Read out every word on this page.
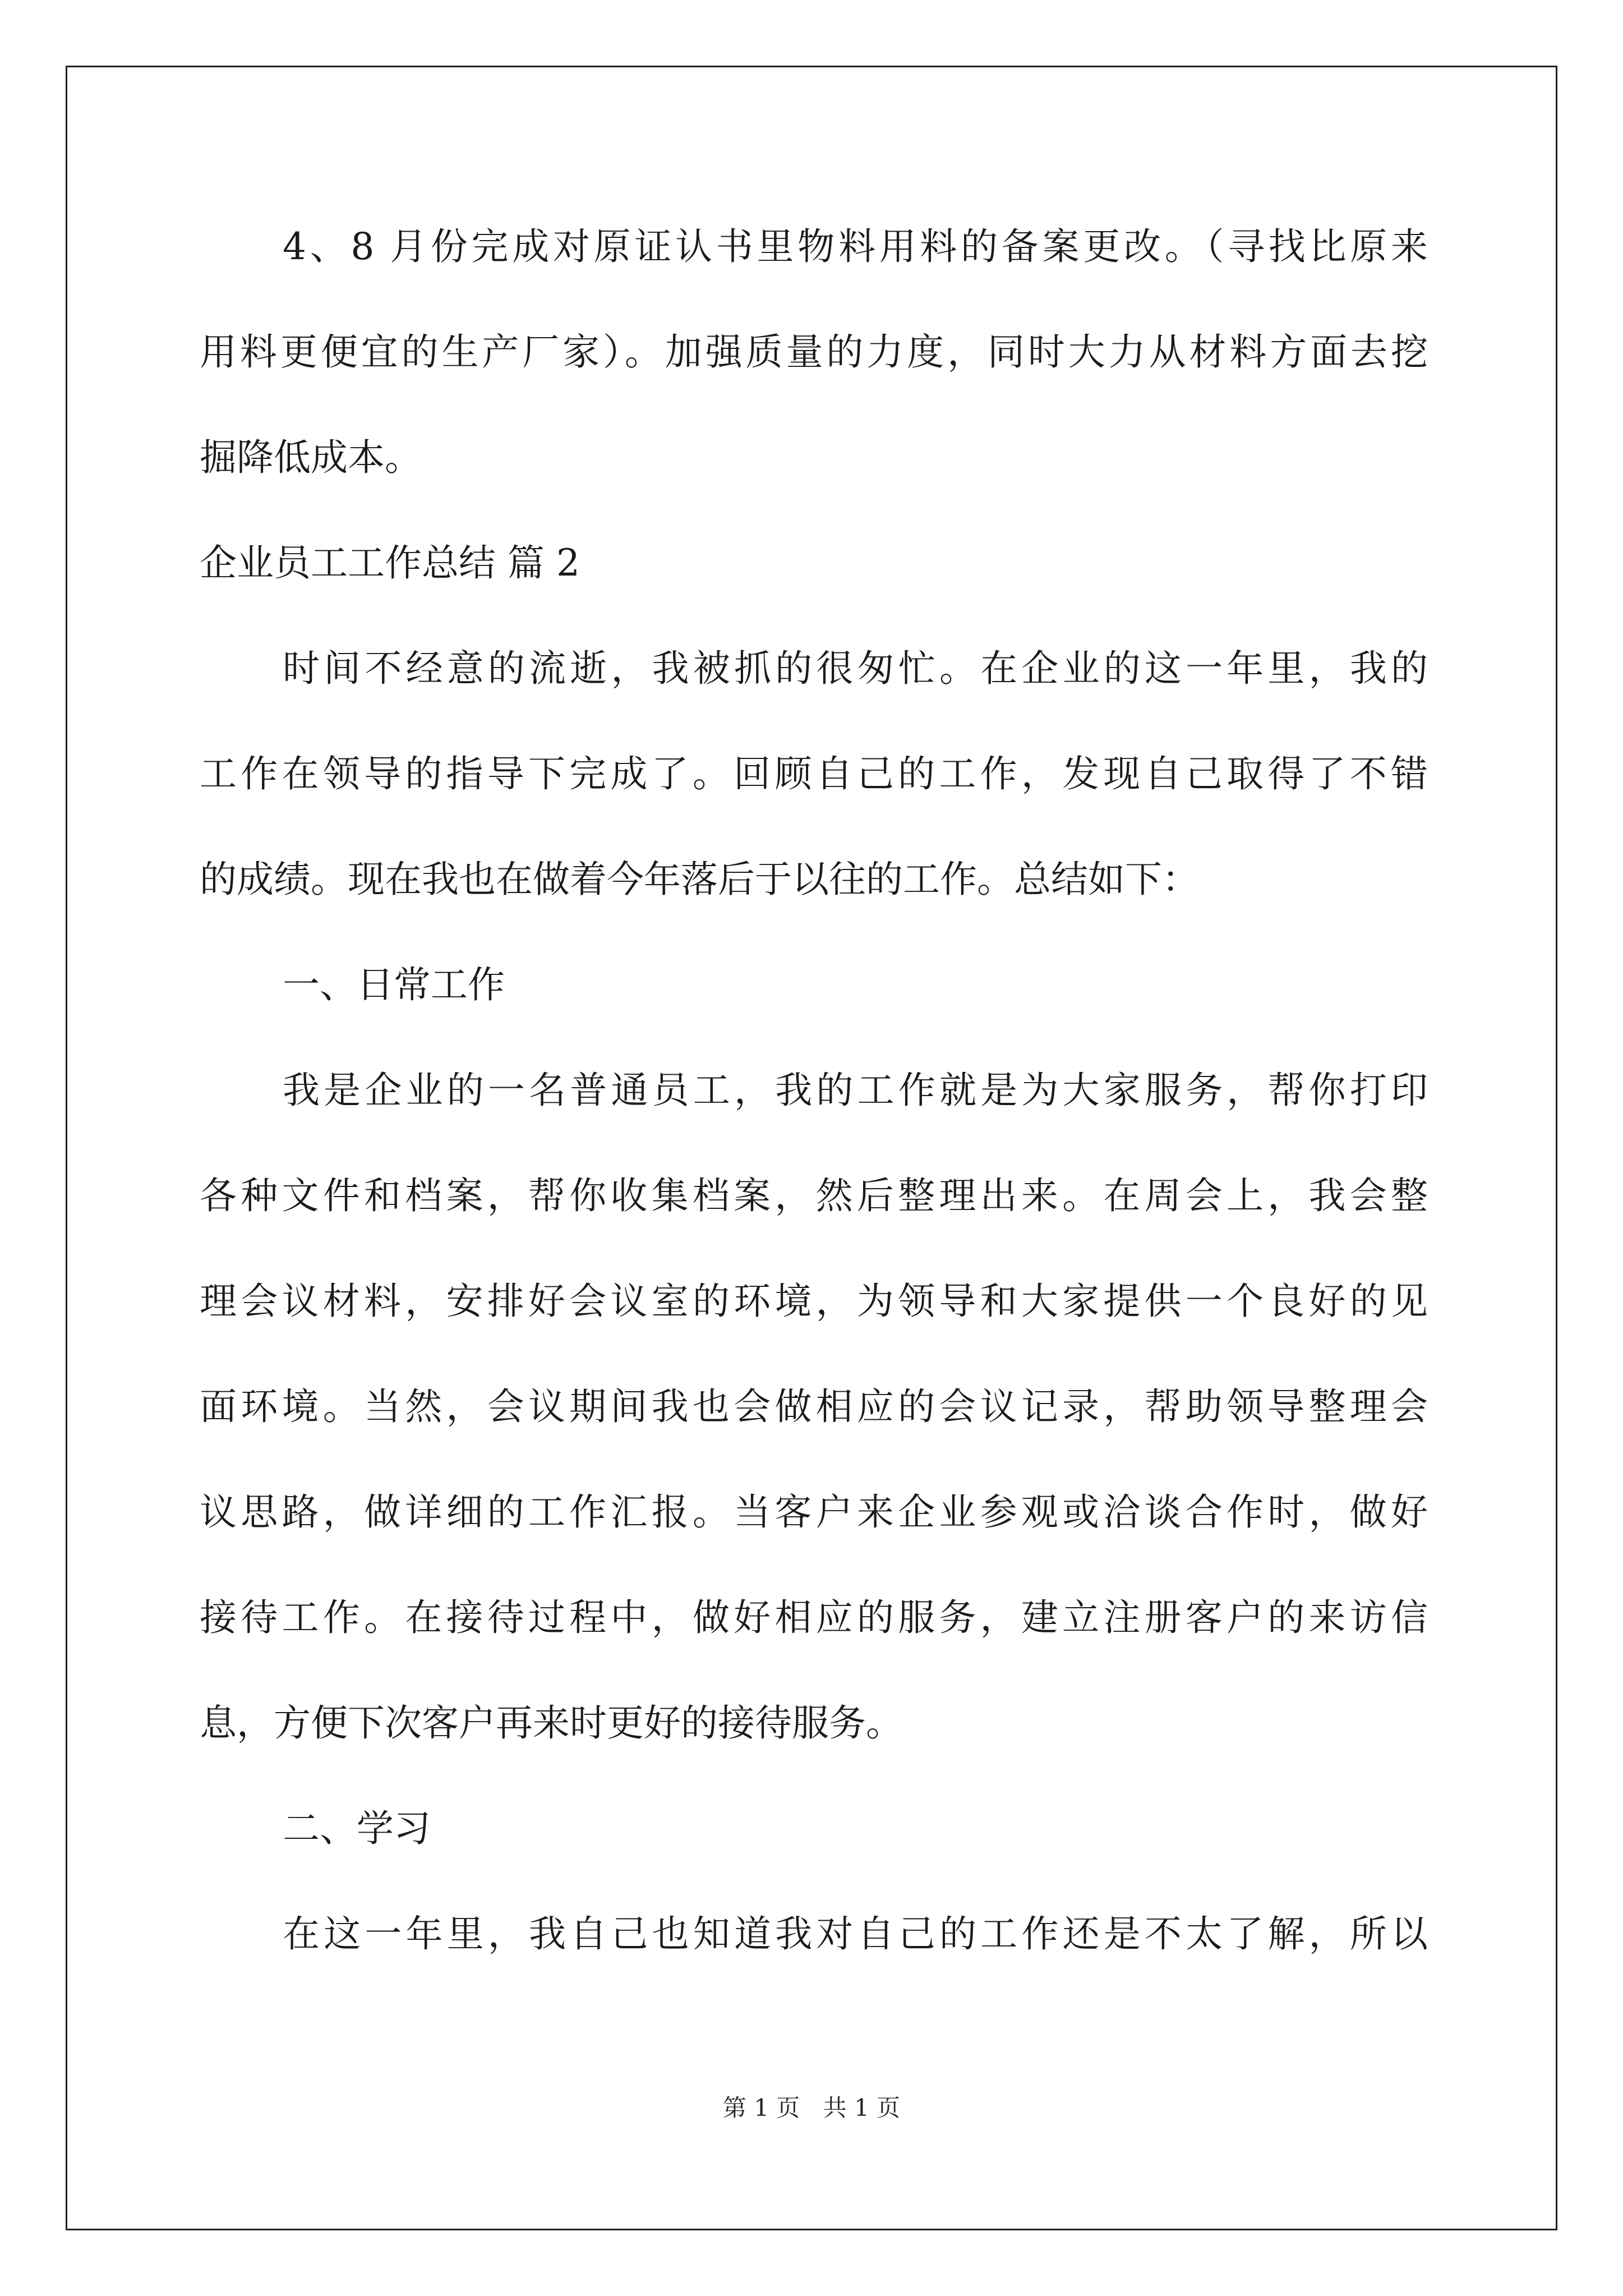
4、8 月份完成对原证认书里物料用料的备案更改。（寻找比原来
用料更便宜的生产厂家）。加强质量的力度，同时大力从材料方面去挖
掘降低成本。
企业员工工作总结 篇 2
时间不经意的流逝，我被抓的很匆忙。在企业的这一年里，我的
工作在领导的指导下完成了。回顾自己的工作，发现自己取得了不错
的成绩。现在我也在做着今年落后于以往的工作。总结如下：
一、日常工作
我是企业的一名普通员工，我的工作就是为大家服务，帮你打印
各种文件和档案，帮你收集档案，然后整理出来。在周会上，我会整
理会议材料，安排好会议室的环境，为领导和大家提供一个良好的见
面环境。当然，会议期间我也会做相应的会议记录，帮助领导整理会
议思路，做详细的工作汇报。当客户来企业参观或洽谈合作时，做好
接待工作。在接待过程中，做好相应的服务，建立注册客户的来访信
息，方便下次客户再来时更好的接待服务。
二、学习
在这一年里，我自己也知道我对自己的工作还是不太了解，所以
第 1 页 共 1 页
